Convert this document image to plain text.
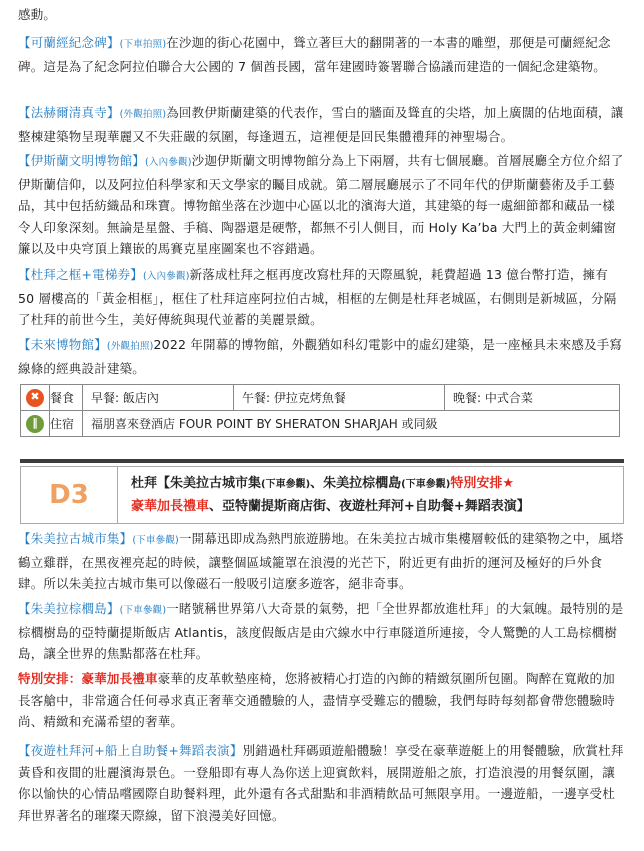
感動。
【可蘭經紀念碑】(下車拍照)在沙迦的街心花園中，聳立著巨大的翻開著的一本書的雕塑，那便是可蘭經紀念碑。這是為了紀念阿拉伯聯合大公國的 7 個酋長國，當年建國時簽署聯合協議而建造的一個紀念建築物。
【法赫爾清真寺】(外觀拍照)為回教伊斯蘭建築的代表作，雪白的牆面及聳直的尖塔，加上廣闊的佔地面積，讓整棟建築物呈現華麗又不失莊嚴的氛圍，每逢週五，這裡便是回民集體禮拜的神聖場合。
【伊斯蘭文明博物館】(入內參觀)沙迦伊斯蘭文明博物館分為上下兩層，共有七個展廳。首層展廳全方位介紹了伊斯蘭信仰，以及阿拉伯科學家和天文學家的矚目成就。第二層展廳展示了不同年代的伊斯蘭藝術及手工藝品，其中包括紡織品和珠寶。博物館坐落在沙迦中心區以北的濱海大道，其建築的每一處細節都和藏品一樣令人印象深刻。無論是星盤、手稿、陶器還是硬幣，都無不引人側目，而 Holy Ka’ba 大門上的黃金刺繡窗簾以及中央穹頂上鑲嵌的馬賽克星座圖案也不容錯過。
【杜拜之框+電梯券】(入內參觀)新落成杜拜之框再度改寫杜拜的天際風貌，耗費超過 13 億台幣打造，擁有 50 層樓高的「黃金相框」，框住了杜拜這座阿拉伯古城，相框的左側是杜拜老城區，右側則是新城區，分隔了杜拜的前世今生，美好傳統與現代並蓄的美麗景緻。
【未來博物館】(外觀拍照)2022 年開幕的博物館，外觀猶如科幻電影中的虛幻建築，是一座極具未來感及手寫線條的經典設計建築。
✖	餐食	早餐: 飯店內	午餐: 伊拉克烤魚餐	晚餐: 中式合菜

‖	住宿	福朋喜來登酒店 FOUR POINT BY SHERATON SHARJAH 或同級		
D3	杜拜【朱美拉古城市集(下車參觀)、朱美拉棕櫚島(下車參觀)特別安排★
豪華加長禮車、亞特蘭提斯商店街、夜遊杜拜河+自助餐+舞蹈表演】
【朱美拉古城市集】(下車參觀)一開幕迅即成為熱門旅遊勝地。在朱美拉古城市集樓層較低的建築物之中，風塔鶴立雞群，在黑夜裡亮起的時候，讓整個區域籠罩在浪漫的光芒下，附近更有曲折的運河及極好的戶外食肆。所以朱美拉古城市集可以像磁石一般吸引這麼多遊客，絕非奇事。
【朱美拉棕櫚島】(下車參觀)一睹號稱世界第八大奇景的氣勢，把「全世界都放進杜拜」的大氣魄。最特別的是棕櫚樹島的亞特蘭提斯飯店 Atlantis，該度假飯店是由穴線水中行車隧道所連接，令人驚艷的人工島棕櫚樹島，讓全世界的焦點都落在杜拜。
特別安排：豪華加長禮車豪華的皮革軟墊座椅，您將被精心打造的內飾的精緻氛圍所包圍。陶醉在寬敞的加長客艙中，非常適合任何尋求真正奢華交通體驗的人，盡情享受難忘的體驗，我們每時每刻都會帶您體驗時尚、精緻和充滿希望的奢華。
【夜遊杜拜河+船上自助餐+舞蹈表演】別錯過杜拜碼頭遊船體驗！享受在豪華遊艇上的用餐體驗，欣賞杜拜黃昏和夜間的壯麗濱海景色。一登船即有專人為你送上迎賓飲料，展開遊船之旅，打造浪漫的用餐氛圍，讓你以愉快的心情品嚐國際自助餐料理，此外還有各式甜點和非酒精飲品可無限享用。一邊遊船，一邊享受杜拜世界著名的璀璨天際線，留下浪漫美好回憶。
